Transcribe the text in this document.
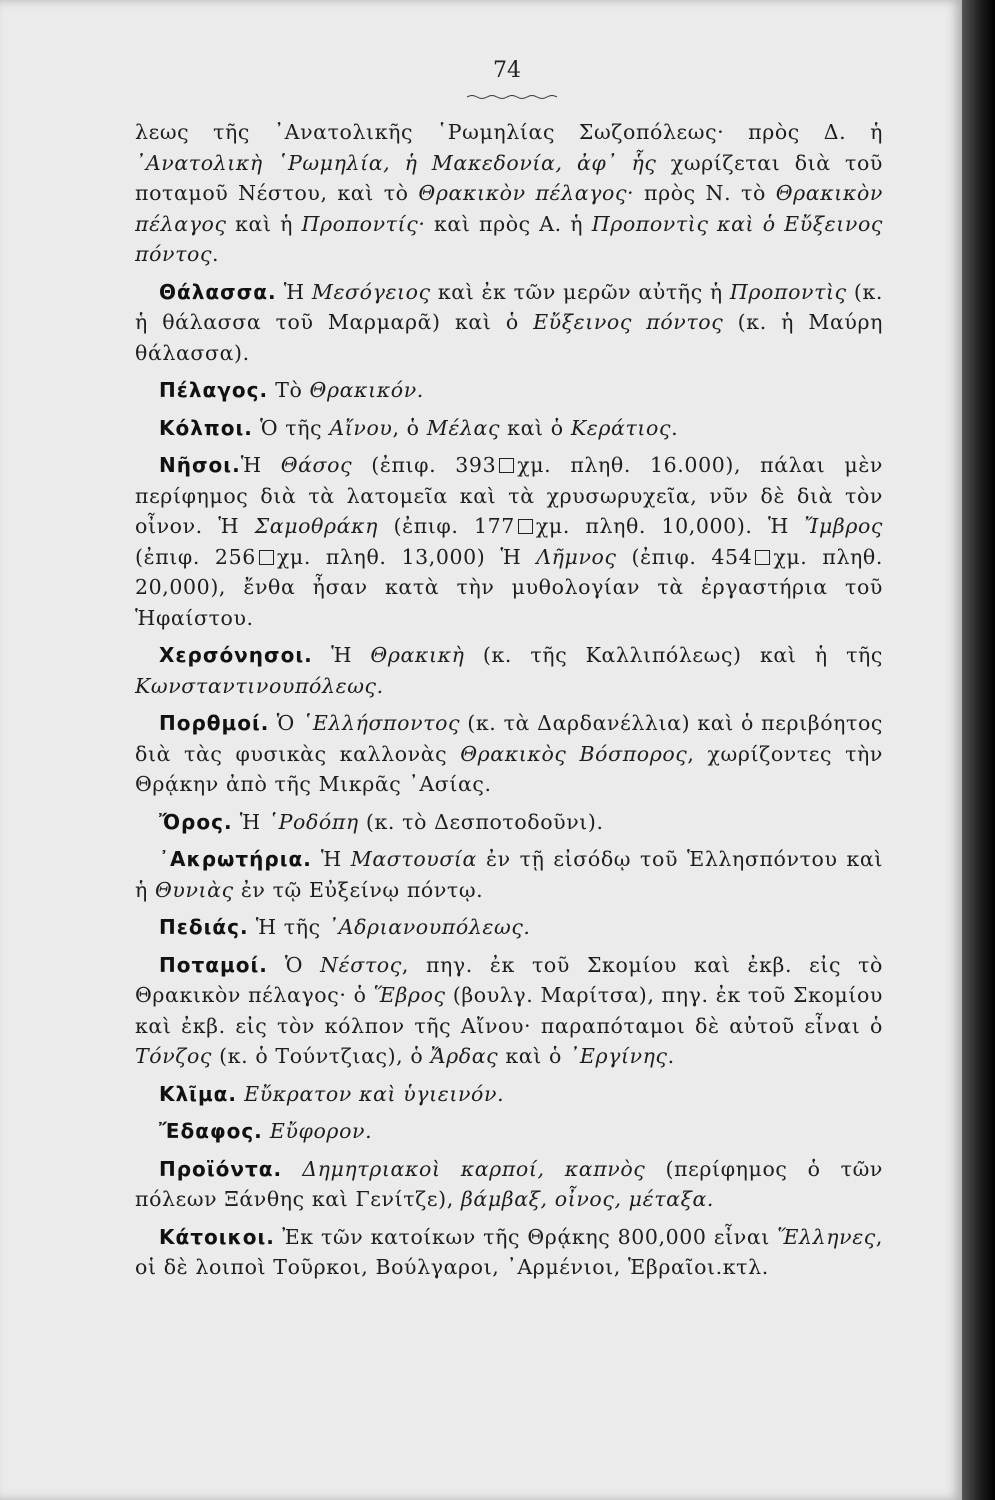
74

λεως τῆς ᾿Ανατολικῆς ῾Ρωμηλίας Σωζοπόλεως· πρὸς Δ. ἡ ᾿Ανατολικὴ ῾Ρωμηλία, ἡ Μακεδονία, ἀφ᾿ ἧς χωρίζεται διὰ τοῦ ποταμοῦ Νέστου, καὶ τὸ Θρακικὸν πέλαγος· πρὸς Ν. τὸ Θρακικὸν πέλαγος καὶ ἡ Προποντίς· καὶ πρὸς Α. ἡ Προποντὶς καὶ ὁ Εὔξεινος πόντος.

Θάλασσα. Ἡ Μεσόγειος καὶ ἐκ τῶν μερῶν αὐτῆς ἡ Προποντὶς (κ. ἡ θάλασσα τοῦ Μαρμαρᾶ) καὶ ὁ Εὔξεινος πόντος (κ. ἡ Μαύρη θάλασσα).

Πέλαγος. Τὸ Θρακικόν.

Κόλποι. Ὁ τῆς Αἴνου, ὁ Μέλας καὶ ὁ Κεράτιος.

Νῆσοι.Ἡ Θάσος (ἐπιφ. 393 χμ. πληθ. 16.000), πάλαι μὲν περίφημος διὰ τὰ λατομεῖα καὶ τὰ χρυσωρυχεῖα, νῦν δὲ διὰ τὸν οἶνον. Ἡ Σαμοθράκη (ἐπιφ. 177 χμ. πληθ. 10,000). Ἡ Ἴμβρος (ἐπιφ. 256 χμ. πληθ. 13,000) Ἡ Λῆμνος (ἐπιφ. 454 χμ. πληθ. 20,000), ἔνθα ἦσαν κατὰ τὴν μυθολογίαν τὰ ἐργαστήρια τοῦ Ἡφαίστου.

Χερσόνησοι. Ἡ Θρακικὴ (κ. τῆς Καλλιπόλεως) καὶ ἡ τῆς Κωνσταντινουπόλεως.

Πορθμοί. Ὁ ῾Ελλήσποντος (κ. τὰ Δαρδανέλλια) καὶ ὁ περιβόητος διὰ τὰς φυσικὰς καλλονὰς Θρακικὸς Βόσπορος, χωρίζοντες τὴν Θρᾴκην ἀπὸ τῆς Μικρᾶς ᾿Ασίας.

Ὄρος. Ἡ ῾Ροδόπη (κ. τὸ Δεσποτοδοῦνι).

᾿Ακρωτήρια. Ἡ Μαστουσία ἐν τῇ εἰσόδῳ τοῦ Ἑλλησπόντου καὶ ἡ Θυνιὰς ἐν τῷ Εὐξείνῳ πόντῳ.

Πεδιάς. Ἡ τῆς ᾿Αδριανουπόλεως.

Ποταμοί. Ὁ Νέστος, πηγ. ἐκ τοῦ Σκομίου καὶ ἐκβ. εἰς τὸ Θρακικὸν πέλαγος· ὁ Ἕβρος (βουλγ. Μαρίτσα), πηγ. ἐκ τοῦ Σκομίου καὶ ἐκβ. εἰς τὸν κόλπον τῆς Αἴνου· παραπόταμοι δὲ αὐτοῦ εἶναι ὁ Τόνζος (κ. ὁ Τούντζιας), ὁ Ἄρδας καὶ ὁ ᾿Εργίνης.

Κλῖμα. Εὔκρατον καὶ ὑγιεινόν.

Ἔδαφος. Εὔφορον.

Προϊόντα. Δημητριακοὶ καρποί, καπνὸς (περίφημος ὁ τῶν πόλεων Ξάνθης καὶ Γενίτζε), βάμβαξ, οἶνος, μέταξα.

Κάτοικοι. Ἐκ τῶν κατοίκων τῆς Θρᾴκης 800,000 εἶναι Ἕλληνες, οἱ δὲ λοιποὶ Τοῦρκοι, Βούλγαροι, ᾿Αρμένιοι, Ἑβραῖοι.κτλ.
